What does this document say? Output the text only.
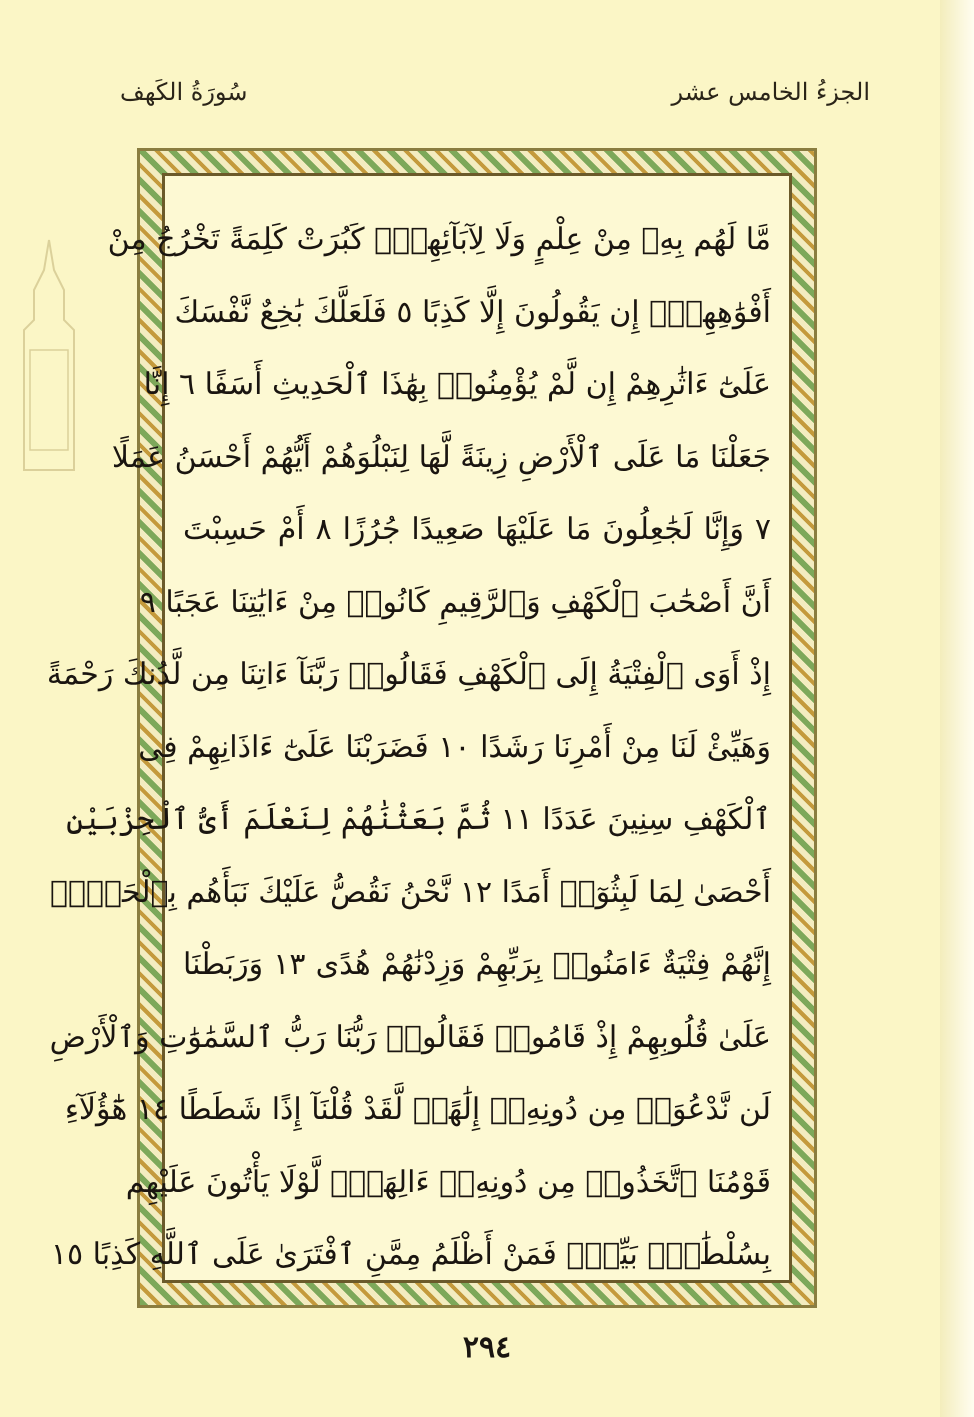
الجزءُ الخامس عشر
سُورَةُ الكَهف
مَّا لَهُم بِهِۦ مِنْ عِلْمٍ وَلَا لِآبَآئِهِمْۚ كَبُرَتْ كَلِمَةً تَخْرُجُ مِنْ
أَفْوَٰهِهِمْۚ إِن يَقُولُونَ إِلَّا كَذِبًا ٥ فَلَعَلَّكَ بَٰخِعٌ نَّفْسَكَ
عَلَىٰٓ ءَاثَٰرِهِمْ إِن لَّمْ يُؤْمِنُوا۟ بِهَٰذَا ٱلْحَدِيثِ أَسَفًا ٦ إِنَّا
جَعَلْنَا مَا عَلَى ٱلْأَرْضِ زِينَةً لَّهَا لِنَبْلُوَهُمْ أَيُّهُمْ أَحْسَنُ عَمَلًا
٧ وَإِنَّا لَجَٰعِلُونَ مَا عَلَيْهَا صَعِيدًا جُرُزًا ٨ أَمْ حَسِبْتَ
أَنَّ أَصْحَٰبَ ٱلْكَهْفِ وَٱلرَّقِيمِ كَانُوا۟ مِنْ ءَايَٰتِنَا عَجَبًا ٩
إِذْ أَوَى ٱلْفِتْيَةُ إِلَى ٱلْكَهْفِ فَقَالُوا۟ رَبَّنَآ ءَاتِنَا مِن لَّدُنكَ رَحْمَةً
وَهَيِّئْ لَنَا مِنْ أَمْرِنَا رَشَدًا ١٠ فَضَرَبْنَا عَلَىٰٓ ءَاذَانِهِمْ فِى
ٱلْكَهْفِ سِنِينَ عَدَدًا ١١ ثُمَّ بَعَثْنَٰهُمْ لِنَعْلَمَ أَىُّ ٱلْحِزْبَيْنِ
أَحْصَىٰ لِمَا لَبِثُوٓا۟ أَمَدًا ١٢ نَّحْنُ نَقُصُّ عَلَيْكَ نَبَأَهُم بِٱلْحَقِّۚ
إِنَّهُمْ فِتْيَةٌ ءَامَنُوا۟ بِرَبِّهِمْ وَزِدْنَٰهُمْ هُدًى ١٣ وَرَبَطْنَا
عَلَىٰ قُلُوبِهِمْ إِذْ قَامُوا۟ فَقَالُوا۟ رَبُّنَا رَبُّ ٱلسَّمَٰوَٰتِ وَٱلْأَرْضِ
لَن نَّدْعُوَا۟ مِن دُونِهِۦٓ إِلَٰهًاۖ لَّقَدْ قُلْنَآ إِذًا شَطَطًا ١٤ هَٰٓؤُلَآءِ
قَوْمُنَا ٱتَّخَذُوا۟ مِن دُونِهِۦٓ ءَالِهَةًۖ لَّوْلَا يَأْتُونَ عَلَيْهِم
بِسُلْطَٰنٍۭ بَيِّنٍۖ فَمَنْ أَظْلَمُ مِمَّنِ ٱفْتَرَىٰ عَلَى ٱللَّهِ كَذِبًا ١٥
٢٩٤
